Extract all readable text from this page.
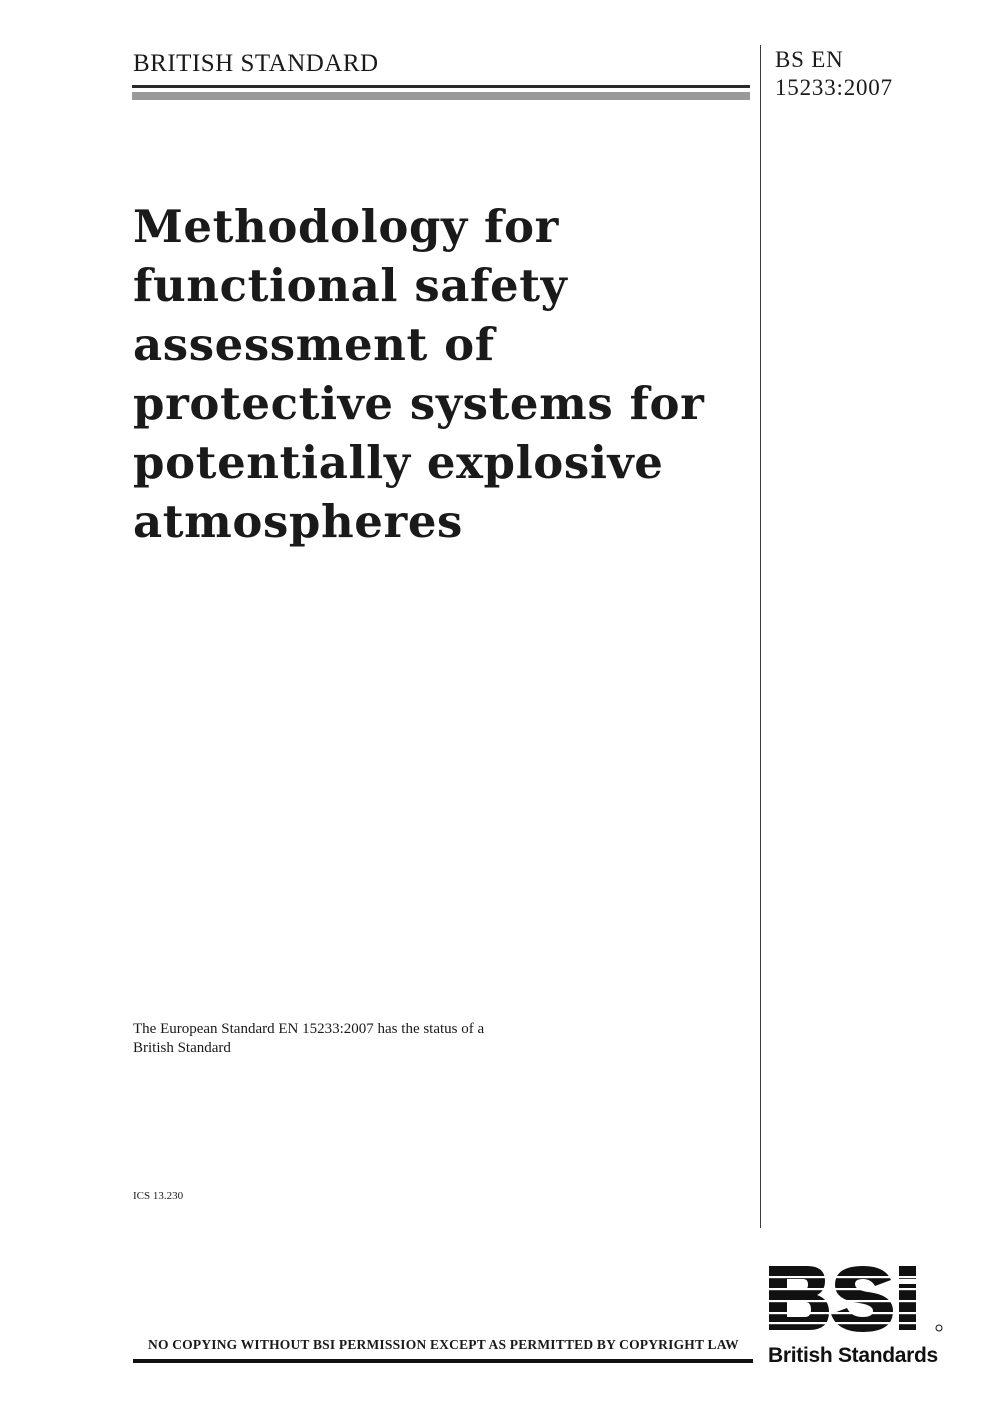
BRITISH STANDARD	BS EN
15233:2007
Methodology for
functional safety
assessment of
protective systems for
potentially explosive
atmospheres
The European Standard EN 15233:2007 has the status of a
British Standard
ICS 13.230
NO COPYING WITHOUT BSI PERMISSION EXCEPT AS PERMITTED BY COPYRIGHT LAW British Standards
